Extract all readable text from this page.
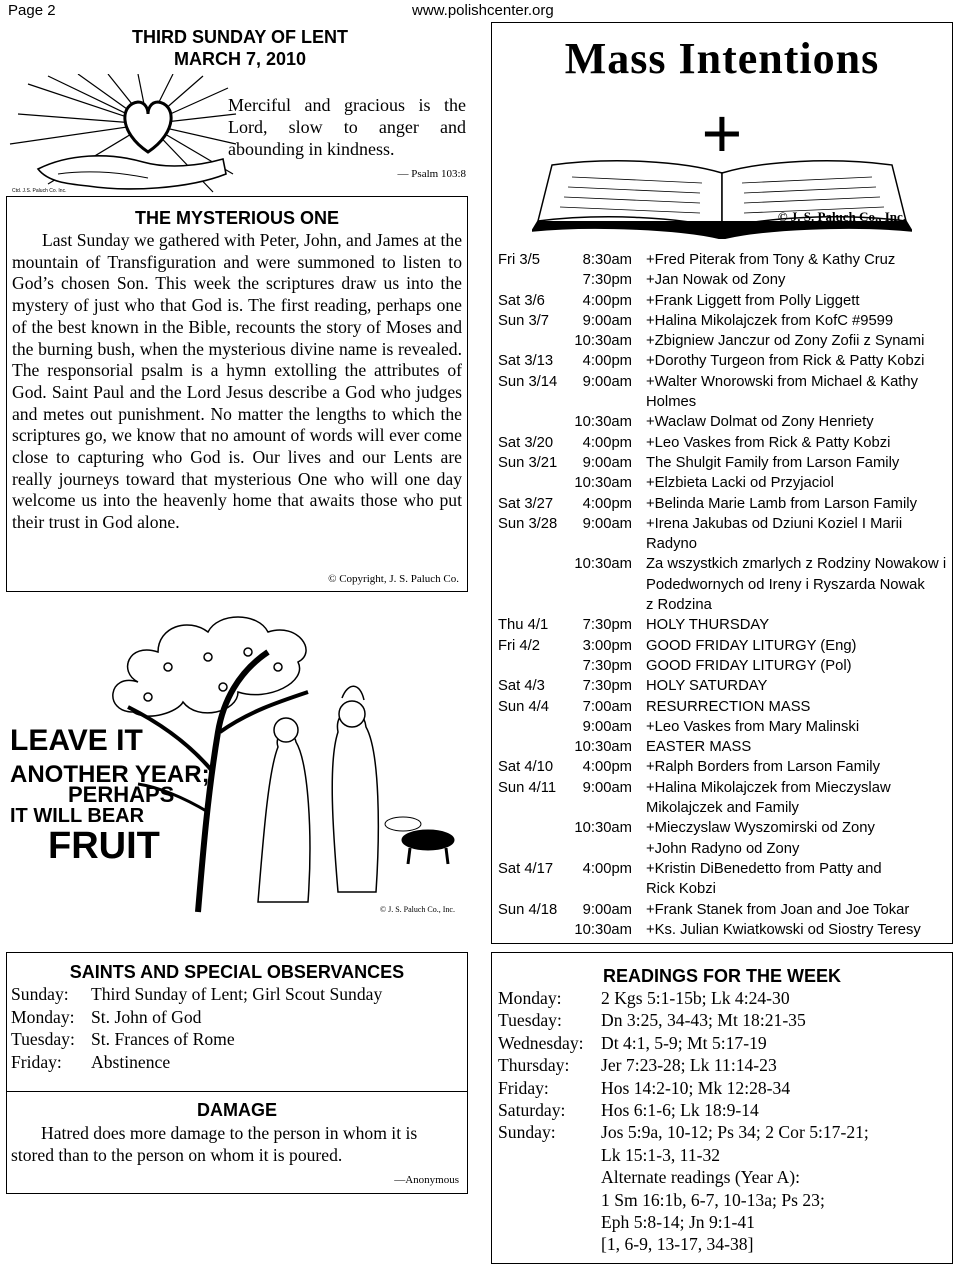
Page 2	www.polishcenter.org
THIRD SUNDAY OF LENT
MARCH 7, 2010
Ctd. J.S. Paluch Co. Inc.
Merciful and gracious is the Lord, slow to anger and abounding in kindness.
— Psalm 103:8
THE MYSTERIOUS ONE

Last Sunday we gathered with Peter, John, and James at the mountain of Transfiguration and were summoned to listen to God’s chosen Son. This week the scriptures draw us into the mystery of just who that God is. The first reading, perhaps one of the best known in the Bible, recounts the story of Moses and the burning bush, when the mysterious divine name is revealed. The responsorial psalm is a hymn extolling the attributes of God. Saint Paul and the Lord Jesus describe a God who judges and metes out punishment. No matter the lengths to which the scriptures go, we know that no amount of words will ever come close to capturing who God is. Our lives and our Lents are really journeys toward that mysterious One who will one day welcome us into the heavenly home that awaits those who put their trust in God alone.

© Copyright, J. S. Paluch Co.
LEAVE IT
ANOTHER YEAR;
PERHAPS
IT WILL BEAR
FRUIT
© J. S. Paluch Co., Inc.
Mass Intentions
+
© J. S. Paluch Co., Inc.
Fri 3/5	8:30am +Fred Piterak from Tony & Kathy Cruz
7:30pm +Jan Nowak od Zony
Sat 3/6	4:00pm +Frank Liggett from Polly Liggett
Sun 3/7	9:00am +Halina Mikolajczek from KofC #9599
10:30am +Zbigniew Janczur od Zony Zofii z Synami
Sat 3/13	4:00pm +Dorothy Turgeon from Rick & Patty Kobzi
Sun 3/14	9:00am +Walter Wnorowski from Michael & Kathy
Holmes
10:30am +Waclaw Dolmat od Zony Henriety
Sat 3/20	4:00pm +Leo Vaskes from Rick & Patty Kobzi
Sun 3/21	9:00am The Shulgit Family from Larson Family
10:30am +Elzbieta Lacki od Przyjaciol
Sat 3/27	4:00pm +Belinda Marie Lamb from Larson Family
Sun 3/28	9:00am +Irena Jakubas od Dziuni Koziel I Marii
Radyno
10:30am Za wszystkich zmarlych z Rodziny Nowakow i
Podedwornych od Ireny i Ryszarda Nowak
z Rodzina
Thu 4/1	7:30pm HOLY THURSDAY
Fri 4/2	3:00pm GOOD FRIDAY LITURGY (Eng)
7:30pm GOOD FRIDAY LITURGY (Pol)
Sat 4/3	7:30pm HOLY SATURDAY
Sun 4/4	7:00am RESURRECTION MASS
9:00am +Leo Vaskes from Mary Malinski
10:30am EASTER MASS
Sat 4/10	4:00pm +Ralph Borders from Larson Family
Sun 4/11	9:00am +Halina Mikolajczek from Mieczyslaw
Mikolajczek and Family
10:30am +Mieczyslaw Wyszomirski od Zony
+John Radyno od Zony
Sat 4/17	4:00pm +Kristin DiBenedetto from Patty and
Rick Kobzi
Sun 4/18	9:00am +Frank Stanek from Joan and Joe Tokar
10:30am +Ks. Julian Kwiatkowski od Siostry Teresy
SAINTS AND SPECIAL OBSERVANCES
Sunday:	Third Sunday of Lent; Girl Scout Sunday
Monday: St. John of God
Tuesday: St. Frances of Rome
Friday:	Abstinence
DAMAGE

Hatred does more damage to the person in whom it is stored than to the person on whom it is poured.

—Anonymous
READINGS FOR THE WEEK
Monday:	2 Kgs 5:1-15b; Lk 4:24-30
Tuesday:	Dn 3:25, 34-43; Mt 18:21-35
Wednesday: Dt 4:1, 5-9; Mt 5:17-19
Thursday:	Jer 7:23-28; Lk 11:14-23
Friday:	Hos 14:2-10; Mk 12:28-34
Saturday:	Hos 6:1-6; Lk 18:9-14
Sunday:	Jos 5:9a, 10-12; Ps 34; 2 Cor 5:17-21;
Lk 15:1-3, 11-32
Alternate readings (Year A):
1 Sm 16:1b, 6-7, 10-13a; Ps 23;
Eph 5:8-14; Jn 9:1-41
[1, 6-9, 13-17, 34-38]
